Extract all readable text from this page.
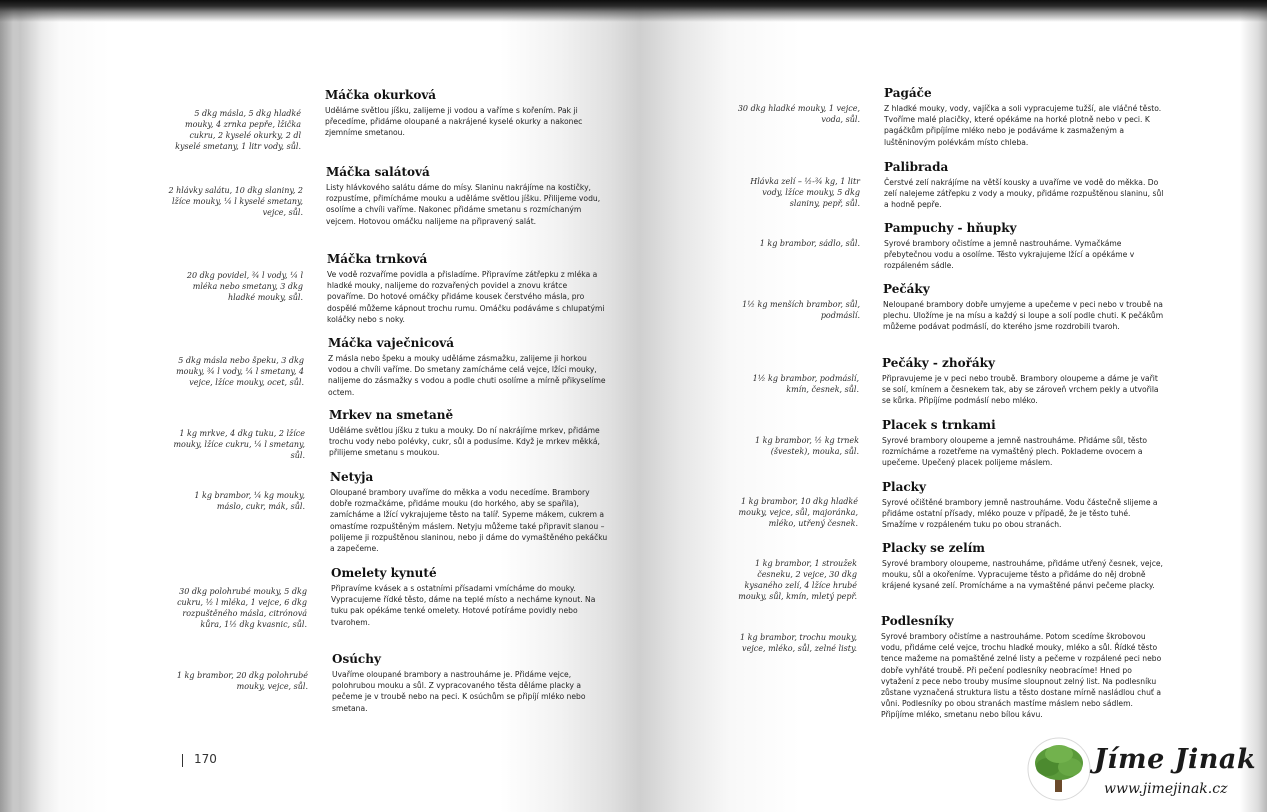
5 dkg másla, 5 dkg hladké mouky, 4 zrnka pepře, lžička cukru, 2 kyselé okurky, 2 dl kyselé smetany, 1 litr vody, sůl.
Máčka okurková

Uděláme světlou jíšku, zalijeme ji vodou a vaříme s kořením. Pak ji přecedíme, přidáme oloupané a nakrájené kyselé okurky a nakonec zjemníme smetanou.

2 hlávky salátu, 10 dkg slaniny, 2 lžíce mouky, ¼ l kyselé smetany, vejce, sůl.
Máčka salátová

Listy hlávkového salátu dáme do mísy. Slaninu nakrájíme na kostičky, rozpustíme, přimícháme mouku a uděláme světlou jíšku. Přilijeme vodu, osolíme a chvíli vaříme. Nakonec přidáme smetanu s rozmíchaným vejcem. Hotovou omáčku nalijeme na připravený salát.

20 dkg povidel, ¾ l vody, ¼ l mléka nebo smetany, 3 dkg hladké mouky, sůl.
Máčka trnková

Ve vodě rozvaříme povidla a přisladíme. Připravíme zátřepku z mléka a hladké mouky, nalijeme do rozvařených povidel a znovu krátce povaříme. Do hotové omáčky přidáme kousek čerstvého másla, pro dospělé můžeme kápnout trochu rumu. Omáčku podáváme s chlupatými koláčky nebo s noky.

5 dkg másla nebo špeku, 3 dkg mouky, ¾ l vody, ¼ l smetany, 4 vejce, lžíce mouky, ocet, sůl.
Máčka vaječnicová

Z másla nebo špeku a mouky uděláme zásmažku, zalijeme ji horkou vodou a chvíli vaříme. Do smetany zamícháme celá vejce, lžíci mouky, nalijeme do zásmažky s vodou a podle chuti osolíme a mírně přikyselíme octem.

1 kg mrkve, 4 dkg tuku, 2 lžíce mouky, lžíce cukru, ¼ l smetany, sůl.
Mrkev na smetaně

Uděláme světlou jíšku z tuku a mouky. Do ní nakrájíme mrkev, přidáme trochu vody nebo polévky, cukr, sůl a podusíme. Když je mrkev měkká, přilijeme smetanu s moukou.

1 kg brambor, ¼ kg mouky, máslo, cukr, mák, sůl.
Netyja

Oloupané brambory uvaříme do měkka a vodu necedíme. Brambory dobře rozmačkáme, přidáme mouku (do horkého, aby se spařila), zamícháme a lžící vykrajujeme těsto na talíř. Sypeme mákem, cukrem a omastíme rozpuštěným máslem. Netyju můžeme také připravit slanou – polijeme ji rozpuštěnou slaninou, nebo ji dáme do vymaštěného pekáčku a zapečeme.

30 dkg polohrubé mouky, 5 dkg cukru, ½ l mléka, 1 vejce, 6 dkg rozpuštěného másla, citrónová kůra, 1½ dkg kvasnic, sůl.
Omelety kynuté

Připravíme kvásek a s ostatními přísadami vmícháme do mouky. Vypracujeme řídké těsto, dáme na teplé místo a necháme kynout. Na tuku pak opékáme tenké omelety. Hotové potíráme povidly nebo tvarohem.

1 kg brambor, 20 dkg polohrubé mouky, vejce, sůl.
Osúchy

Uvaříme oloupané brambory a nastrouháme je. Přidáme vejce, polohrubou mouku a sůl. Z vypracovaného těsta děláme placky a pečeme je v troubě nebo na peci. K osúchům se připíjí mléko nebo smetana.

170
30 dkg hladké mouky, 1 vejce, voda, sůl.
Pagáče

Z hladké mouky, vody, vajíčka a soli vypracujeme tužší, ale vláčné těsto. Tvoříme malé placičky, které opékáme na horké plotně nebo v peci. K pagáčkům připíjíme mléko nebo je podáváme k zasmaženým a luštěninovým polévkám místo chleba.

Hlávka zelí – ½-¾ kg, 1 litr vody, lžíce mouky, 5 dkg slaniny, pepř, sůl.
Palibrada

Čerstvé zelí nakrájíme na větší kousky a uvaříme ve vodě do měkka. Do zelí nalejeme zátřepku z vody a mouky, přidáme rozpuštěnou slaninu, sůl a hodně pepře.

1 kg brambor, sádlo, sůl.
Pampuchy - hňupky

Syrové brambory očistíme a jemně nastrouháme. Vymačkáme přebytečnou vodu a osolíme. Těsto vykrajujeme lžící a opékáme v rozpáleném sádle.

1½ kg menších brambor, sůl, podmáslí.
Pečáky

Neloupané brambory dobře umyjeme a upečeme v peci nebo v troubě na plechu. Uložíme je na mísu a každý si loupe a solí podle chuti. K pečákům můžeme podávat podmáslí, do kterého jsme rozdrobili tvaroh.

1½ kg brambor, podmáslí, kmín, česnek, sůl.
Pečáky - zhořáky

Připravujeme je v peci nebo troubě. Brambory oloupeme a dáme je vařit se solí, kmínem a česnekem tak, aby se zároveň vrchem pekly a utvořila se kůrka. Připíjíme podmáslí nebo mléko.

1 kg brambor, ½ kg trnek (švestek), mouka, sůl.
Placek s trnkami

Syrové brambory oloupeme a jemně nastrouháme. Přidáme sůl, těsto rozmícháme a rozetřeme na vymaštěný plech. Poklademe ovocem a upečeme. Upečený placek polijeme máslem.

1 kg brambor, 10 dkg hladké mouky, vejce, sůl, majoránka, mléko, utřený česnek.
Placky

Syrové očištěné brambory jemně nastrouháme. Vodu částečně slijeme a přidáme ostatní přísady, mléko pouze v případě, že je těsto tuhé. Smažíme v rozpáleném tuku po obou stranách.

1 kg brambor, 1 stroužek česneku, 2 vejce, 30 dkg kysaného zelí, 4 lžíce hrubé mouky, sůl, kmín, mletý pepř.
Placky se zelím

Syrové brambory oloupeme, nastrouháme, přidáme utřený česnek, vejce, mouku, sůl a okořeníme. Vypracujeme těsto a přidáme do něj drobně krájené kysané zelí. Promícháme a na vymaštěné pánvi pečeme placky.

1 kg brambor, trochu mouky, vejce, mléko, sůl, zelné listy.
Podlesníky

Syrové brambory očistíme a nastrouháme. Potom scedíme škrobovou vodu, přidáme celé vejce, trochu hladké mouky, mléko a sůl. Řídké těsto tence mažeme na pomaštěné zelné listy a pečeme v rozpálené peci nebo dobře vyhřáté troubě. Při pečení podlesníky neobracíme! Hned po vytažení z pece nebo trouby musíme sloupnout zelný list. Na podlesníku zůstane vyznačená struktura listu a těsto dostane mírně nasládlou chuť a vůni. Podlesníky po obou stranách mastíme máslem nebo sádlem. Připíjíme mléko, smetanu nebo bílou kávu.

Jíme Jinak
www.jimejinak.cz
